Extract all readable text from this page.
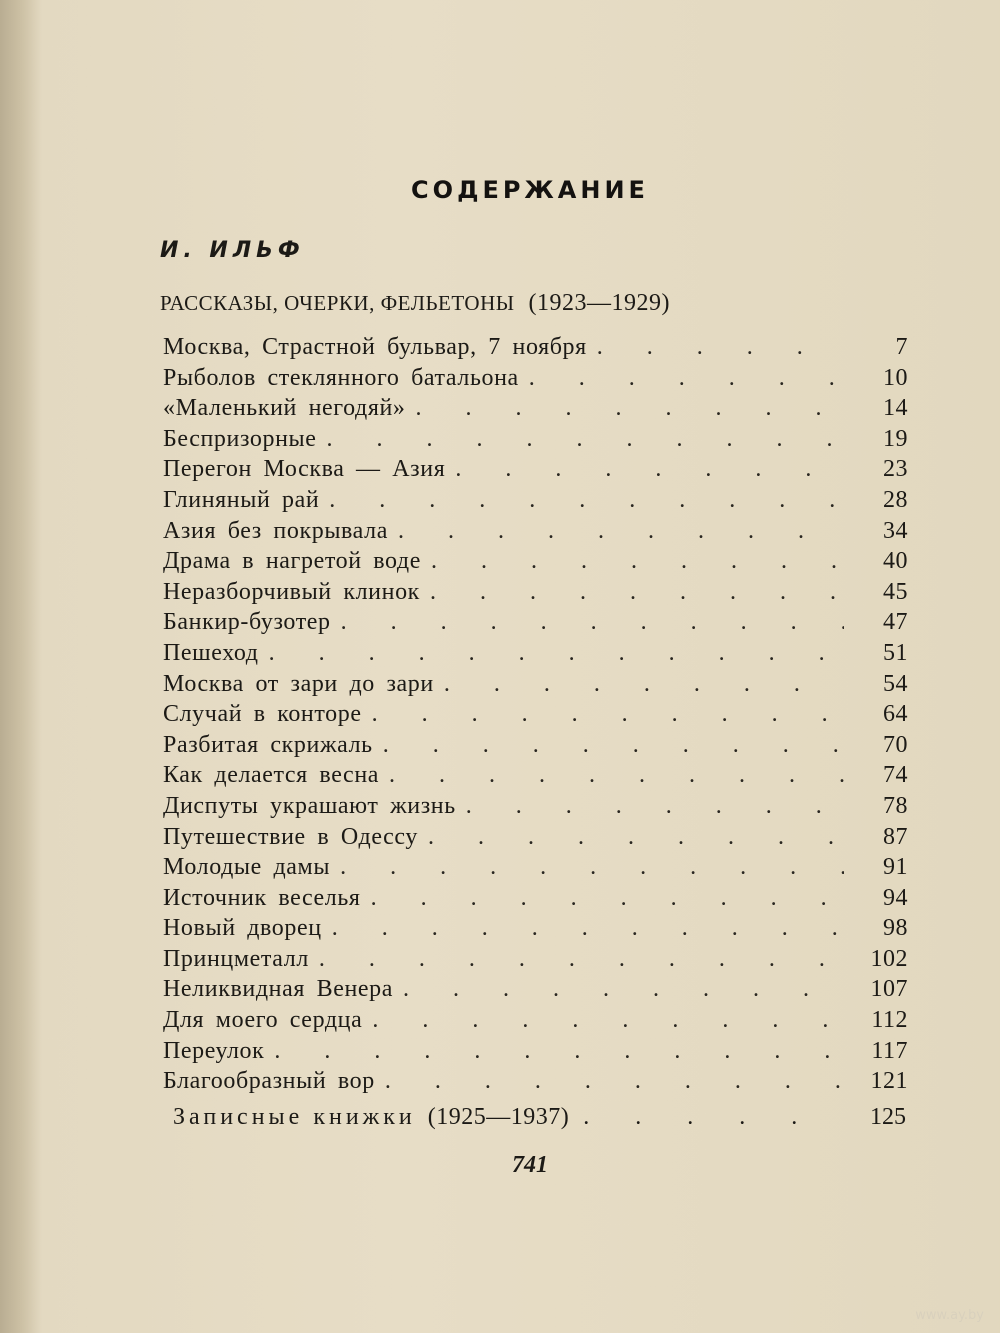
СОДЕРЖАНИЕ
И. ИЛЬФ
РАССКАЗЫ, ОЧЕРКИ, ФЕЛЬЕТОНЫ (1923—1929)
Москва, Страстной бульвар, 7 ноября . . .	7
Рыболов стеклянного батальона . . .	10
«Маленький негодяй» . . .	14
Беспризорные . . .	19
Перегон Москва — Азия . . .	23
Глиняный рай . . .	28
Азия без покрывала . . .	34
Драма в нагретой воде . . .	40
Неразборчивый клинок . . .	45
Банкир-бузотер . . .	47
Пешеход . . .	51
Москва от зари до зари . . .	54
Случай в конторе . . .	64
Разбитая скрижаль . . .	70
Как делается весна . . .	74
Диспуты украшают жизнь . . .	78
Путешествие в Одессу . . .	87
Молодые дамы . . .	91
Источник веселья . . .	94
Новый дворец . . .	98
Принцметалл . . .	102
Неликвидная Венера . . .	107
Для моего сердца . . .	112
Переулок . . .	117
Благообразный вор . . .	121
Записные книжки (1925—1937) . . .	125
741
www.ay.by
